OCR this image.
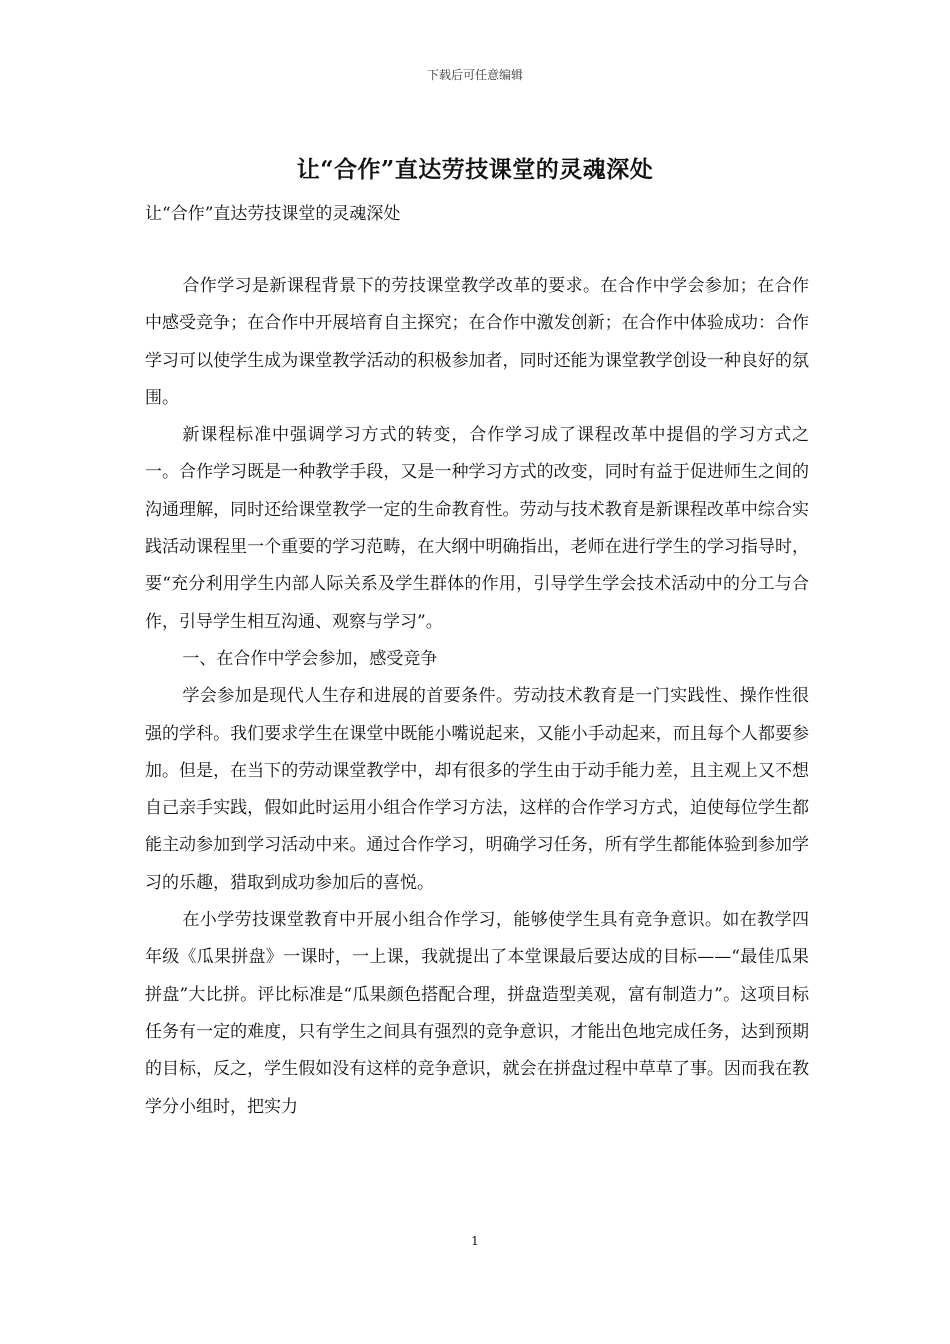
下载后可任意编辑
让“合作”直达劳技课堂的灵魂深处
让“合作”直达劳技课堂的灵魂深处

合作学习是新课程背景下的劳技课堂教学改革的要求。在合作中学会参加；在合作中感受竞争；在合作中开展培育自主探究；在合作中激发创新；在合作中体验成功：合作学习可以使学生成为课堂教学活动的积极参加者，同时还能为课堂教学创设一种良好的氛围。

新课程标准中强调学习方式的转变，合作学习成了课程改革中提倡的学习方式之一。合作学习既是一种教学手段，又是一种学习方式的改变，同时有益于促进师生之间的沟通理解，同时还给课堂教学一定的生命教育性。劳动与技术教育是新课程改革中综合实践活动课程里一个重要的学习范畴，在大纲中明确指出，老师在进行学生的学习指导时，要“充分利用学生内部人际关系及学生群体的作用，引导学生学会技术活动中的分工与合作，引导学生相互沟通、观察与学习”。

一、在合作中学会参加，感受竞争

学会参加是现代人生存和进展的首要条件。劳动技术教育是一门实践性、操作性很强的学科。我们要求学生在课堂中既能小嘴说起来，又能小手动起来，而且每个人都要参加。但是，在当下的劳动课堂教学中，却有很多的学生由于动手能力差，且主观上又不想自己亲手实践，假如此时运用小组合作学习方法，这样的合作学习方式，迫使每位学生都能主动参加到学习活动中来。通过合作学习，明确学习任务，所有学生都能体验到参加学习的乐趣，猎取到成功参加后的喜悦。

在小学劳技课堂教育中开展小组合作学习，能够使学生具有竞争意识。如在教学四年级《瓜果拼盘》一课时，一上课，我就提出了本堂课最后要达成的目标——“最佳瓜果拼盘”大比拼。评比标准是“瓜果颜色搭配合理，拼盘造型美观，富有制造力”。这项目标任务有一定的难度，只有学生之间具有强烈的竞争意识，才能出色地完成任务，达到预期的目标，反之，学生假如没有这样的竞争意识，就会在拼盘过程中草草了事。因而我在教学分小组时，把实力

1
